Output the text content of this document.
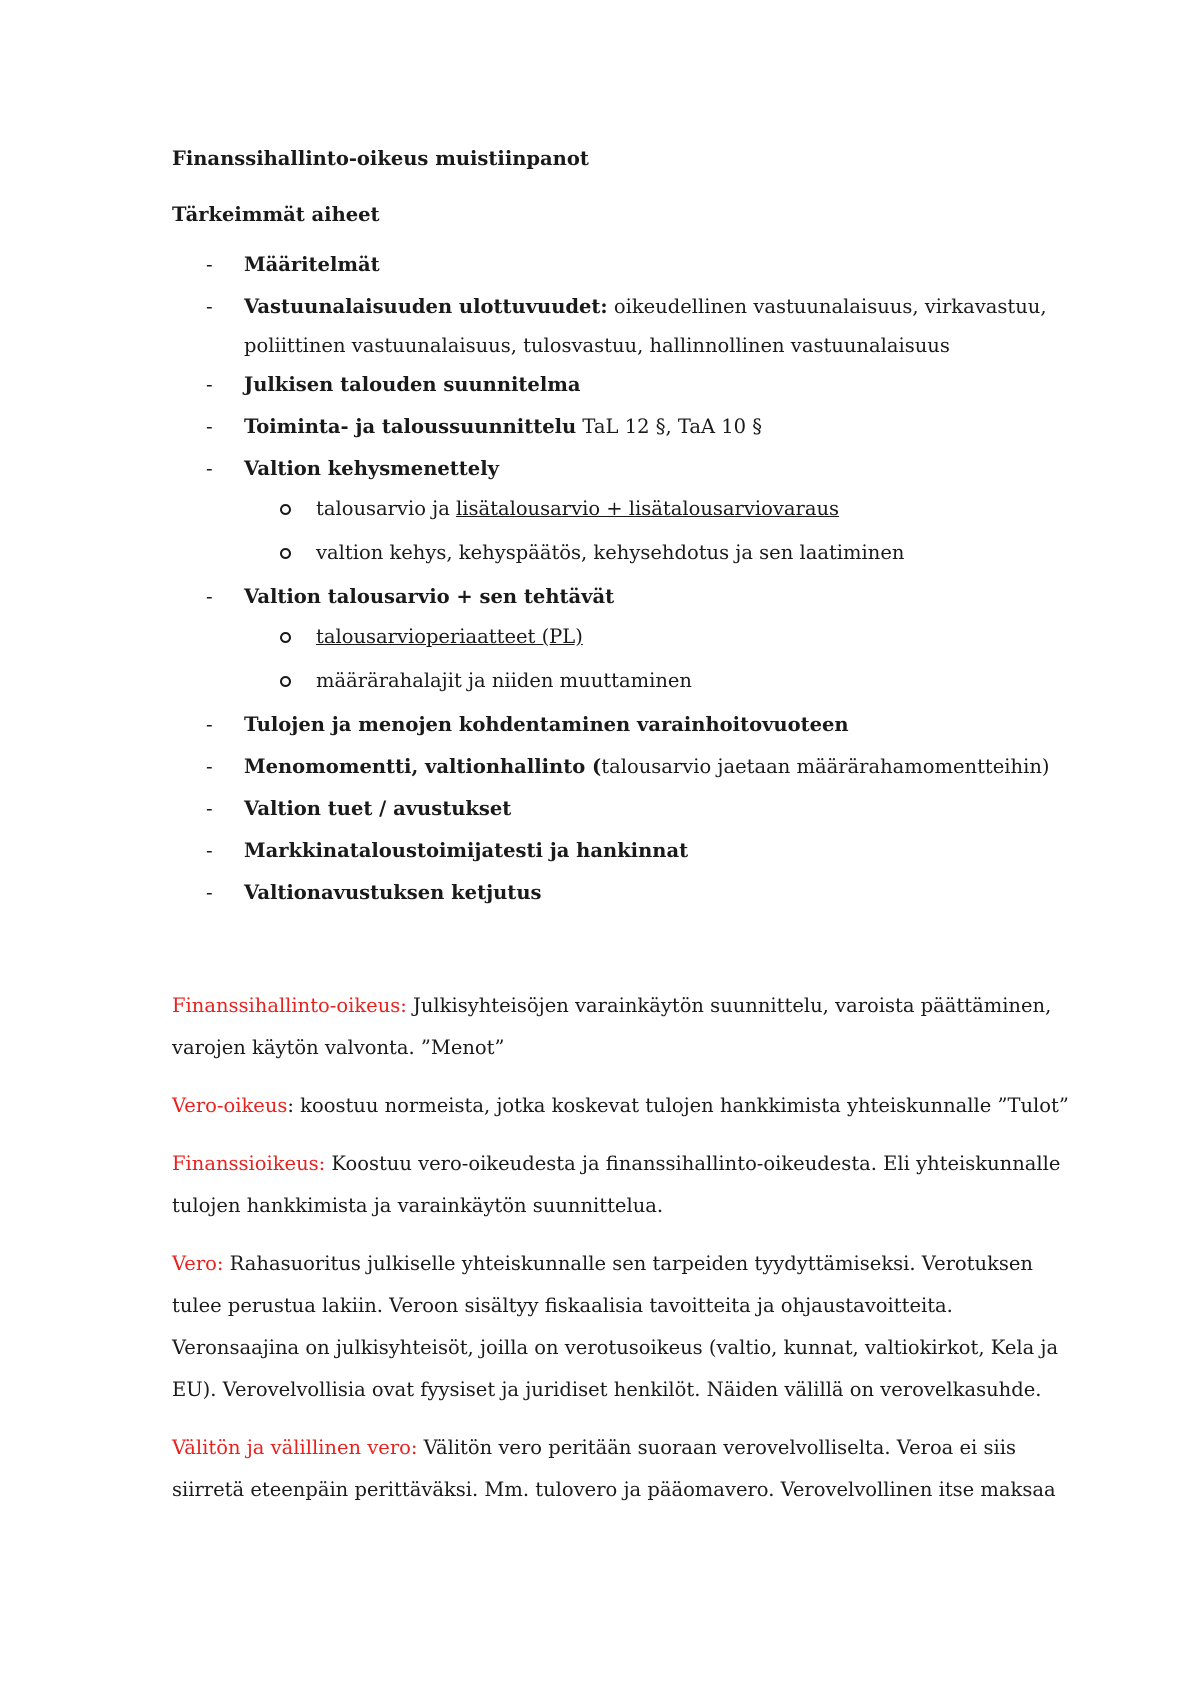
Finanssihallinto-oikeus muistiinpanot

Tärkeimmät aiheet

- Määritelmät
- Vastuunalaisuuden ulottuvuudet: oikeudellinen vastuunalaisuus, virkavastuu, poliittinen vastuunalaisuus, tulosvastuu, hallinnollinen vastuunalaisuus
- Julkisen talouden suunnitelma
- Toiminta- ja taloussuunnittelu TaL 12 §, TaA 10 §
- Valtion kehysmenettely
talousarvio ja lisätalousarvio + lisätalousarviovaraus
valtion kehys, kehyspäätös, kehysehdotus ja sen laatiminen
- Valtion talousarvio + sen tehtävät
talousarvioperiaatteet (PL)
määrärahalajit ja niiden muuttaminen
- Tulojen ja menojen kohdentaminen varainhoitovuoteen
- Menomomentti, valtionhallinto (talousarvio jaetaan määrärahamomentteihin)
- Valtion tuet / avustukset
- Markkinataloustoimijatesti ja hankinnat
- Valtionavustuksen ketjutus

Finanssihallinto-oikeus: Julkisyhteisöjen varainkäytön suunnittelu, varoista päättäminen, varojen käytön valvonta. ”Menot”

Vero-oikeus: koostuu normeista, jotka koskevat tulojen hankkimista yhteiskunnalle ”Tulot”

Finanssioikeus: Koostuu vero-oikeudesta ja finanssihallinto-oikeudesta. Eli yhteiskunnalle tulojen hankkimista ja varainkäytön suunnittelua.

Vero: Rahasuoritus julkiselle yhteiskunnalle sen tarpeiden tyydyttämiseksi. Verotuksen tulee perustua lakiin. Veroon sisältyy fiskaalisia tavoitteita ja ohjaustavoitteita. Veronsaajina on julkisyhteisöt, joilla on verotusoikeus (valtio, kunnat, valtiokirkot, Kela ja EU). Verovelvollisia ovat fyysiset ja juridiset henkilöt. Näiden välillä on verovelkasuhde.

Välitön ja välillinen vero: Välitön vero peritään suoraan verovelvolliselta. Veroa ei siis siirretä eteenpäin perittäväksi. Mm. tulovero ja pääomavero. Verovelvollinen itse maksaa
